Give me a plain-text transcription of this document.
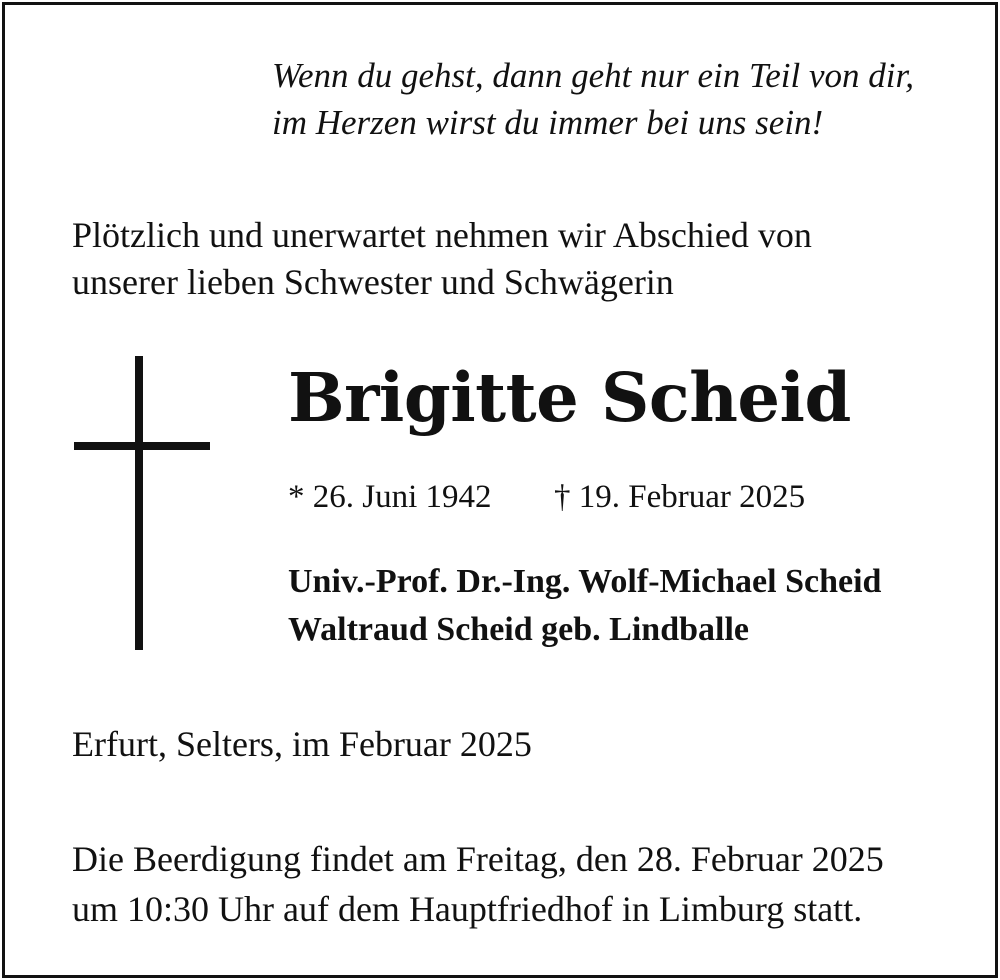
Wenn du gehst, dann geht nur ein Teil von dir,
im Herzen wirst du immer bei uns sein!
Plötzlich und unerwartet nehmen wir Abschied von
unserer lieben Schwester und Schwägerin
Brigitte Scheid
* 26. Juni 1942 † 19. Februar 2025
Univ.-Prof. Dr.-Ing. Wolf-Michael Scheid
Waltraud Scheid geb. Lindballe
Erfurt, Selters, im Februar 2025
Die Beerdigung findet am Freitag, den 28. Februar 2025
um 10:30 Uhr auf dem Hauptfriedhof in Limburg statt.
